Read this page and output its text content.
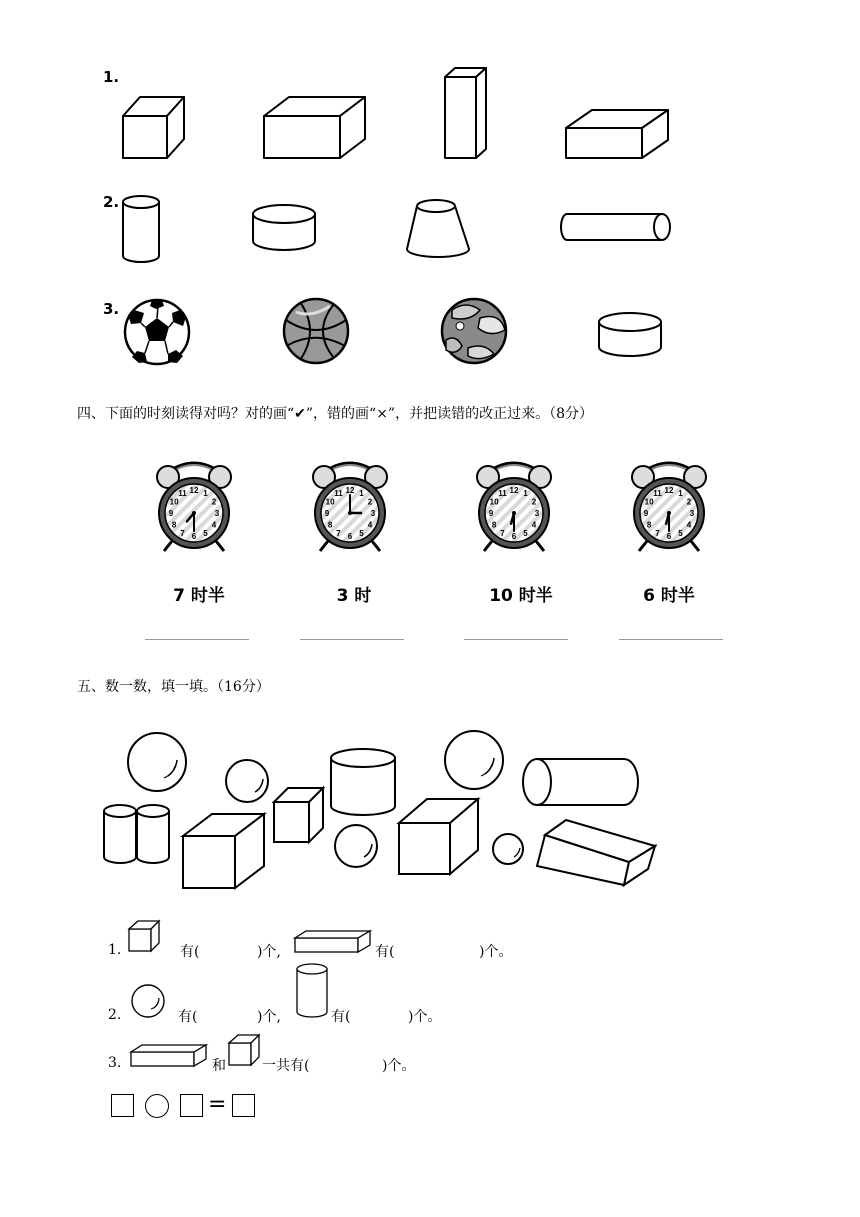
1.
2.
3.
四、下面的时刻读得对吗？对的画“✔”，错的画“×”，并把读错的改正过来。（8分）
1
2
3
4
5
6
7
8
9
10
11 12	1
2
3
4
5
6
7
8
9
10
11 12	1
2
3
4
5
6
7
8
9
10
11 12	1
2
3
4
5
6
7
8
9
10
11 12
7 时半	3 时	10 时半	6 时半
五、数一数，填一填。（16分）
1.	有(	)个,	有(	)个。
2.	有(	)个,	有(	)个。
3.	和	一共有(	)个。
=
